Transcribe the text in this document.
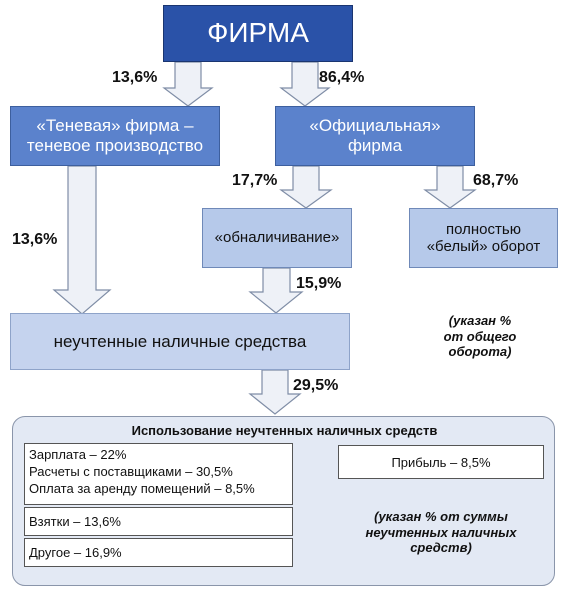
ФИРМА
«Теневая» фирма –
теневое производство
«Официальная»
фирма
«обналичивание»
полностью
«белый» оборот
неучтенные наличные средства
13,6%	86,4%
13,6%
17,7%	68,7%
15,9%
29,5%
(указан %
от общего
оборота)
Использование неучтенных наличных средств
Зарплата – 22%
Расчеты с поставщиками – 30,5%
Оплата за аренду помещений – 8,5%
Взятки – 13,6%
Другое – 16,9%
Прибыль – 8,5%
(указан % от суммы
неучтенных наличных
средств)
